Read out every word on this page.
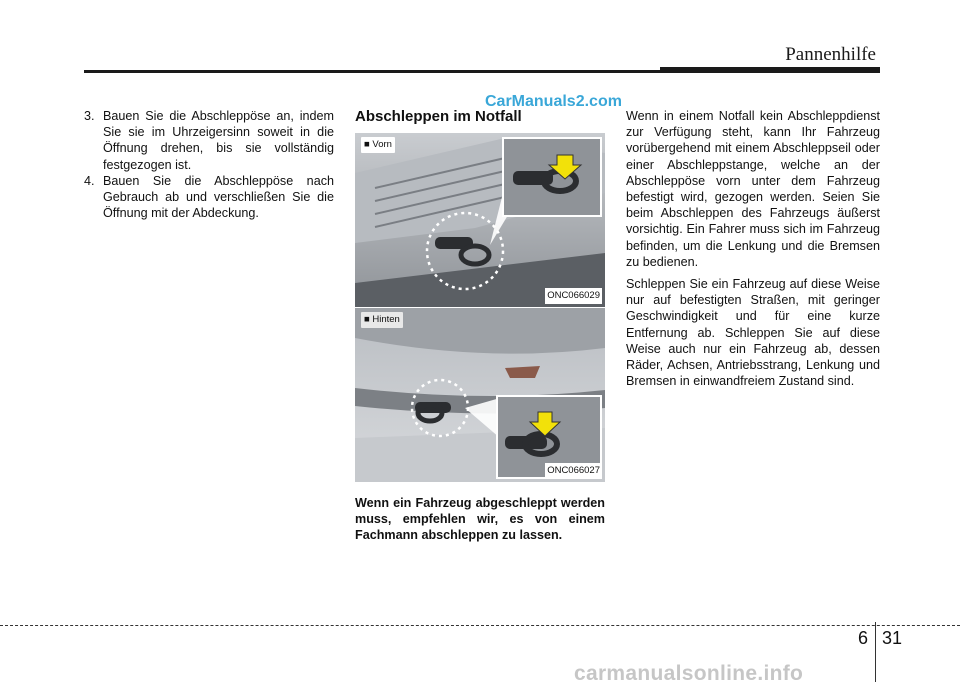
Pannenhilfe
CarManuals2.com
3. Bauen Sie die Abschleppöse an, indem Sie sie im Uhrzeigersinn soweit in die Öffnung drehen, bis sie vollständig festgezogen ist.
4. Bauen Sie die Abschleppöse nach Gebrauch ab und verschließen Sie die Öffnung mit der Abdeckung.
Abschleppen im Notfall
■ Vorn
ONC066029
■ Hinten
ONC066027
Wenn ein Fahrzeug abgeschleppt werden muss, empfehlen wir, es von einem Fachmann abschleppen zu lassen.

Wenn in einem Notfall kein Abschleppdienst zur Verfügung steht, kann Ihr Fahrzeug vorübergehend mit einem Abschleppseil oder einer Abschleppstange, welche an der Abschleppöse vorn unter dem Fahrzeug befestigt wird, gezogen werden. Seien Sie beim Abschleppen des Fahrzeugs äußerst vorsichtig. Ein Fahrer muss sich im Fahrzeug befinden, um die Lenkung und die Bremsen zu bedienen.

Schleppen Sie ein Fahrzeug auf diese Weise nur auf befestigten Straßen, mit geringer Geschwindigkeit und für eine kurze Entfernung ab. Schleppen Sie auf diese Weise auch nur ein Fahrzeug ab, dessen Räder, Achsen, Antriebsstrang, Lenkung und Bremsen in einwandfreiem Zustand sind.

6 31
carmanualsonline.info
